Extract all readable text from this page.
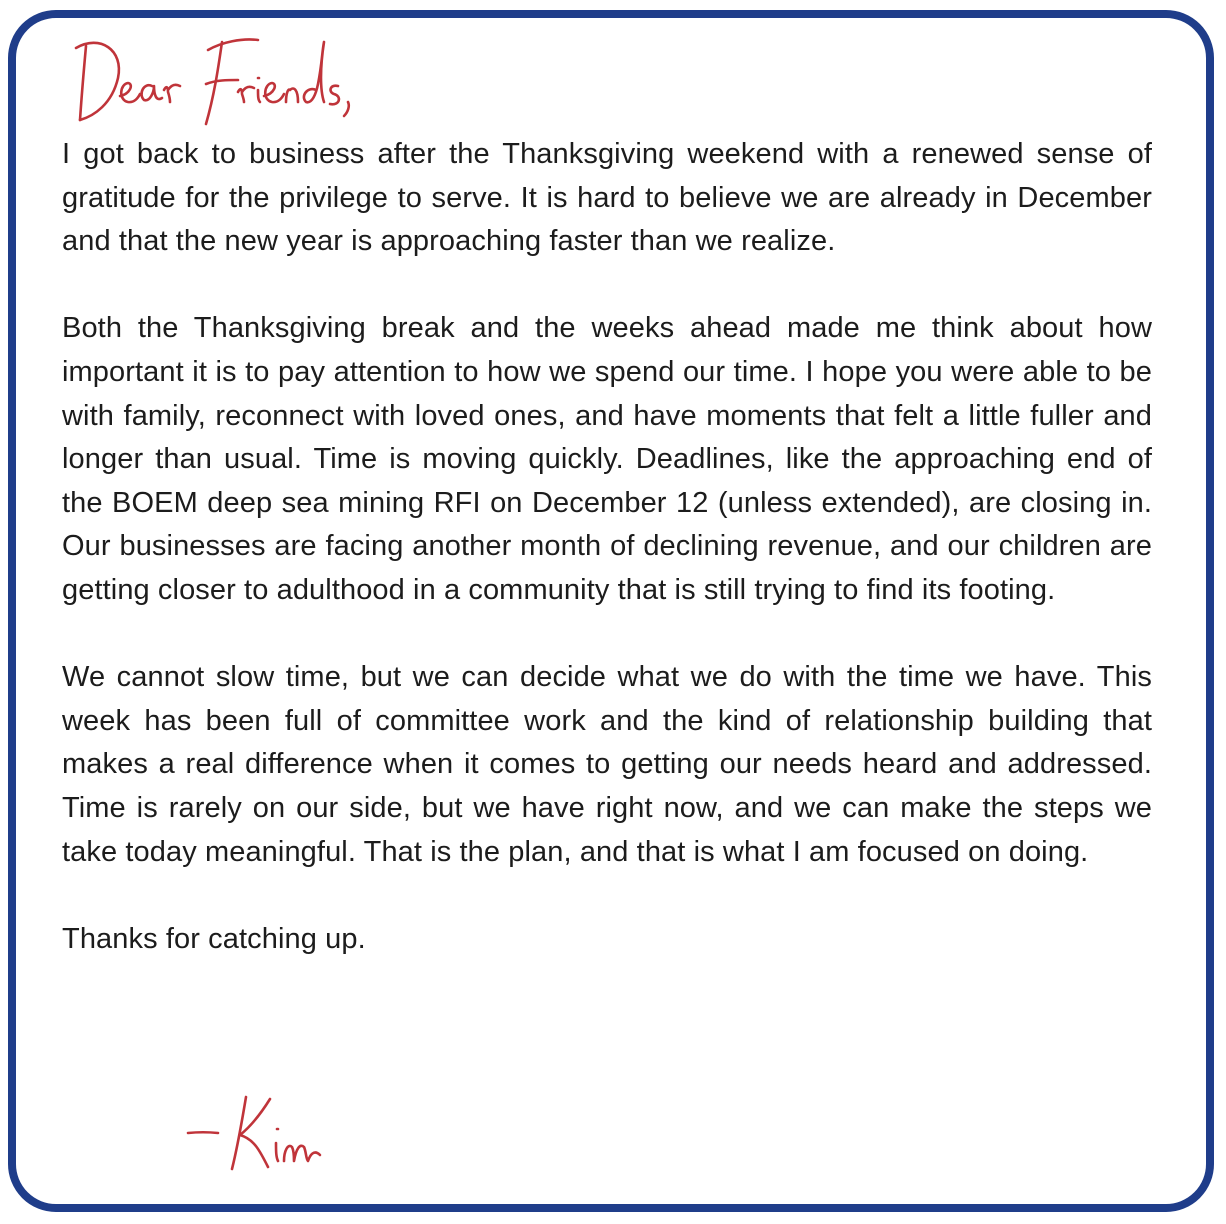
I got back to business after the Thanksgiving weekend with a renewed sense of gratitude for the privilege to serve. It is hard to believe we are already in December and that the new year is approaching faster than we realize.

Both the Thanksgiving break and the weeks ahead made me think about how important it is to pay attention to how we spend our time. I hope you were able to be with family, reconnect with loved ones, and have moments that felt a little fuller and longer than usual. Time is moving quickly. Deadlines, like the approaching end of the BOEM deep sea mining RFI on December 12 (unless extended), are closing in. Our businesses are facing another month of declining revenue, and our children are getting closer to adulthood in a community that is still trying to find its footing.

We cannot slow time, but we can decide what we do with the time we have. This week has been full of committee work and the kind of relationship building that makes a real difference when it comes to getting our needs heard and addressed. Time is rarely on our side, but we have right now, and we can make the steps we take today meaningful. That is the plan, and that is what I am focused on doing.

Thanks for catching up.
